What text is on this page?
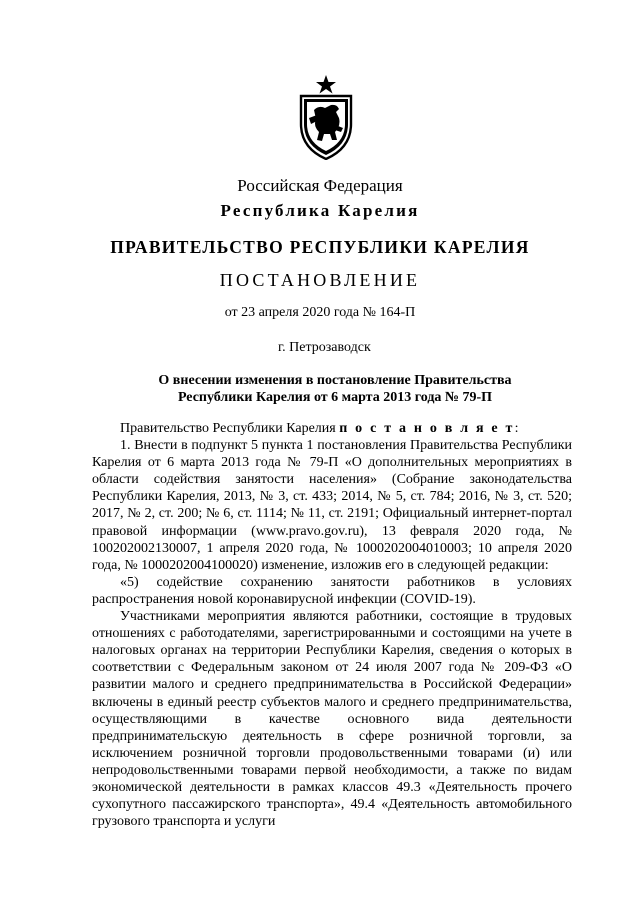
Российская Федерация
Республика Карелия
ПРАВИТЕЛЬСТВО РЕСПУБЛИКИ КАРЕЛИЯ
ПОСТАНОВЛЕНИЕ
от 23 апреля 2020 года № 164-П
г. Петрозаводск
О внесении изменения в постановление Правительства
Республики Карелия от 6 марта 2013 года № 79-П

Правительство Республики Карелия п о с т а н о в л я е т:

1. Внести в подпункт 5 пункта 1 постановления Правительства Республики Карелия от 6 марта 2013 года № 79-П «О дополнительных мероприятиях в области содействия занятости населения» (Собрание законодательства Республики Карелия, 2013, № 3, ст. 433; 2014, № 5, ст. 784; 2016, № 3, ст. 520; 2017, № 2, ст. 200; № 6, ст. 1114; № 11, ст. 2191; Официальный интернет-портал правовой информации (www.pravo.gov.ru), 13 февраля 2020 года, № 100202002130007, 1 апреля 2020 года, № 1000202004010003; 10 апреля 2020 года, № 1000202004100020) изменение, изложив его в следующей редакции:

«5) содействие сохранению занятости работников в условиях распространения новой коронавирусной инфекции (COVID-19).

Участниками мероприятия являются работники, состоящие в трудовых отношениях с работодателями, зарегистрированными и состоящими на учете в налоговых органах на территории Республики Карелия, сведения о которых в соответствии с Федеральным законом от 24 июля 2007 года № 209-ФЗ «О развитии малого и среднего предпринимательства в Российской Федерации» включены в единый реестр субъектов малого и среднего предпринимательства, осуществляющими в качестве основного вида деятельности предпринимательскую деятельность в сфере розничной торговли, за исключением розничной торговли продовольственными товарами (и) или непродовольственными товарами первой необходимости, а также по видам экономической деятельности в рамках классов 49.3 «Деятельность прочего сухопутного пассажирского транспорта», 49.4 «Деятельность автомобильного грузового транспорта и услуги
